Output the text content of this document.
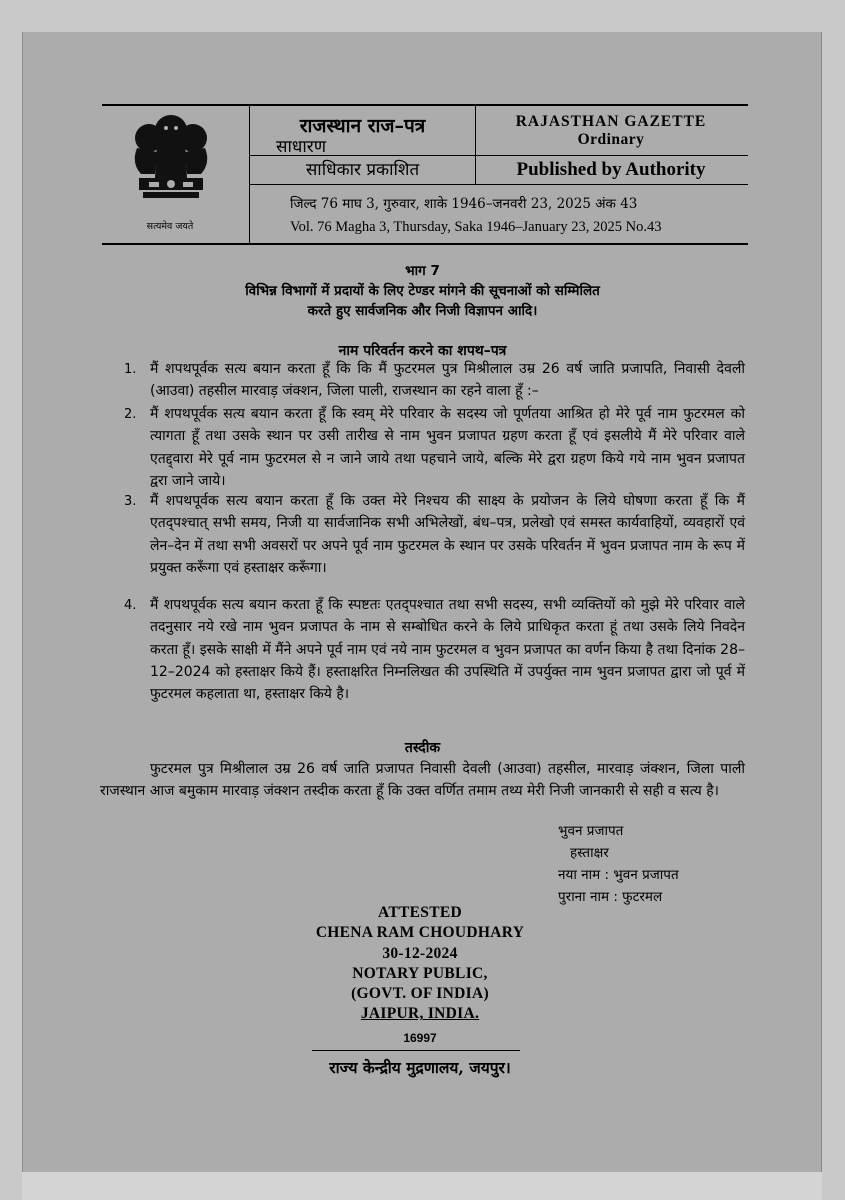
सत्यमेव जयते
राजस्थान राज–पत्र
साधारण
RAJASTHAN GAZETTE
Ordinary
साधिकार प्रकाशित	Published by Authority
जिल्द 76 माघ 3, गुरुवार, शाके 1946–जनवरी 23, 2025 अंक 43
Vol. 76 Magha 3, Thursday, Saka 1946–January 23, 2025 No.43
भाग 7
विभिन्न विभागों में प्रदायों के लिए टेण्डर मांगने की सूचनाओं को सम्मिलित
करते हुए सार्वजनिक और निजी विज्ञापन आदि।
नाम परिवर्तन करने का शपथ–पत्र
1. मैं शपथपूर्वक सत्य बयान करता हूँ कि कि मैं फुटरमल पुत्र मिश्रीलाल उम्र 26 वर्ष जाति प्रजापति, निवासी देवली (आउवा) तहसील मारवाड़ जंक्शन, जिला पाली, राजस्थान का रहने वाला हूँ :–
2. मैं शपथपूर्वक सत्य बयान करता हूँ कि स्वम् मेरे परिवार के सदस्य जो पूर्णतया आश्रित हो मेरे पूर्व नाम फुटरमल को त्यागता हूँ तथा उसके स्थान पर उसी तारीख से नाम भुवन प्रजापत ग्रहण करता हूँ एवं इसलीये मैं मेरे परिवार वाले एतद्द्वारा मेरे पूर्व नाम फुटरमल से न जाने जाये तथा पहचाने जाये, बल्कि मेरे द्वरा ग्रहण किये गये नाम भुवन प्रजापत द्वरा जाने जाये।
3. मैं शपथपूर्वक सत्य बयान करता हूँ कि उक्त मेरे निश्चय की साक्ष्य के प्रयोजन के लिये घोषणा करता हूँ कि मैं एतद्पश्चात् सभी समय, निजी या सार्वजानिक सभी अभिलेखों, बंध–पत्र, प्रलेखो एवं समस्त कार्यवाहियों, व्यवहारों एवं लेन–देन में तथा सभी अवसरों पर अपने पूर्व नाम फुटरमल के स्थान पर उसके परिवर्तन में भुवन प्रजापत नाम के रूप में प्रयुक्त करूँगा एवं हस्ताक्षर करूँगा।
4. मैं शपथपूर्वक सत्य बयान करता हूँ कि स्पष्टतः एतद्पश्चात तथा सभी सदस्य, सभी व्यक्तियों को मुझे मेरे परिवार वाले तदनुसार नये रखे नाम भुवन प्रजापत के नाम से सम्बोधित करने के लिये प्राधिकृत करता हूं तथा उसके लिये निवदेन करता हूँ। इसके साक्षी में मैंने अपने पूर्व नाम एवं नये नाम फुटरमल व भुवन प्रजापत का वर्णन किया है तथा दिनांक 28–12–2024 को हस्ताक्षर किये हैं। हस्ताक्षरित निम्नलिखत की उपस्थिति में उपर्युक्त नाम भुवन प्रजापत द्वारा जो पूर्व में फुटरमल कहलाता था, हस्ताक्षर किये है।
तस्दीक
फुटरमल पुत्र मिश्रीलाल उम्र 26 वर्ष जाति प्रजापत निवासी देवली (आउवा) तहसील, मारवाड़ जंक्शन, जिला पाली राजस्थान आज बमुकाम मारवाड़ जंक्शन तस्दीक करता हूँ कि उक्त वर्णित तमाम तथ्य मेरी निजी जानकारी से सही व सत्य है।
भुवन प्रजापत
हस्ताक्षर
नया नाम : भुवन प्रजापत
पुराना नाम : फुटरमल
ATTESTED
CHENA RAM CHOUDHARY
30-12-2024
NOTARY PUBLIC,
(GOVT. OF INDIA)
JAIPUR, INDIA.
16997
राज्य केन्द्रीय मुद्रणालय, जयपुर।
